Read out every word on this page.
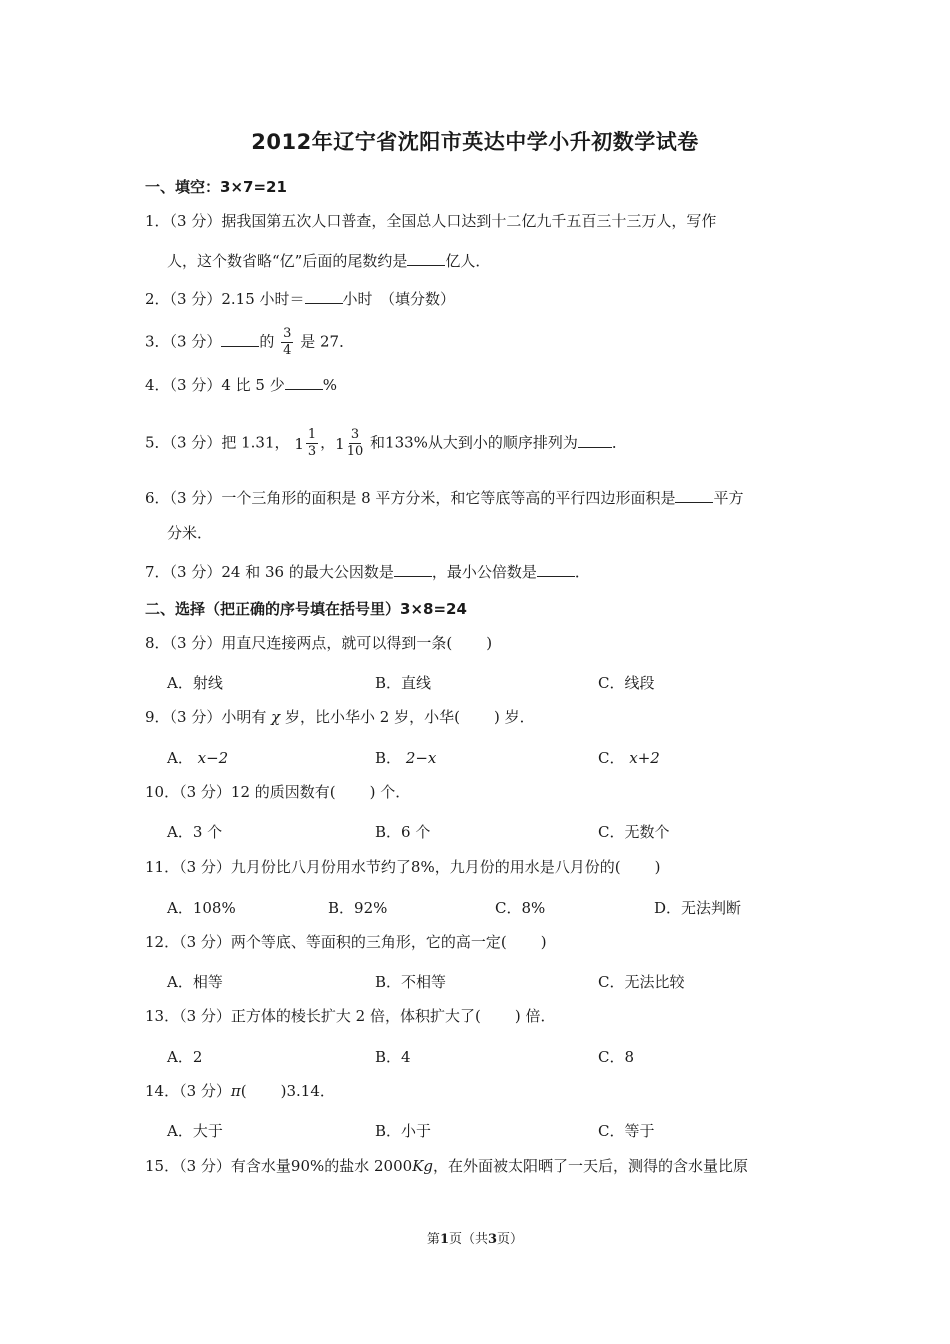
2012年辽宁省沈阳市英达中学小升初数学试卷
一、填空：3×7=21
1．（3 分）据我国第五次人口普查，全国总人口达到十二亿九千五百三十三万人，写作
人，这个数省略“亿”后面的尾数约是	亿人．
2．（3 分）2.15 小时＝	小时　（填分数）
3．（3 分）	的 $\frac{3}{4}$ 是 27．
4．（3 分）4 比 5 少	%
5．（3 分）把 1.31， $1 \frac{1}{3}$ ， $1 \frac{3}{10}$ 和133%从大到小的顺序排列为 ．
6．（3 分）一个三角形的面积是 8 平方分米，和它等底等高的平行四边形面积是	平方
分米．
7．（3 分）24 和 36 的最大公因数是	，最小公倍数是	．
二、选择（把正确的序号填在括号里）3×8=24
8．（3 分）用直尺连接两点，就可以得到一条( )
A．射线	B．直线	C．线段
9．（3 分）小明有 χ 岁，比小华小 2 岁，小华( ) 岁．
A． x−2	B． 2−x	C． x+2
10．（3 分）12 的质因数有( ) 个．
A．3 个	B．6 个	C．无数个
11．（3 分）九月份比八月份用水节约了8%，九月份的用水是八月份的( )
A．108%	B．92%	C．8%	D．无法判断
12．（3 分）两个等底、等面积的三角形，它的高一定( )
A．相等	B．不相等	C．无法比较
13．（3 分）正方体的棱长扩大 2 倍，体积扩大了( ) 倍．
A．2	B．4	C．8
14．（3 分）π( )3.14．
A．大于	B．小于	C．等于
15．（3 分）有含水量90%的盐水 2000Kg，在外面被太阳晒了一天后，测得的含水量比原
第1页（共3页）
